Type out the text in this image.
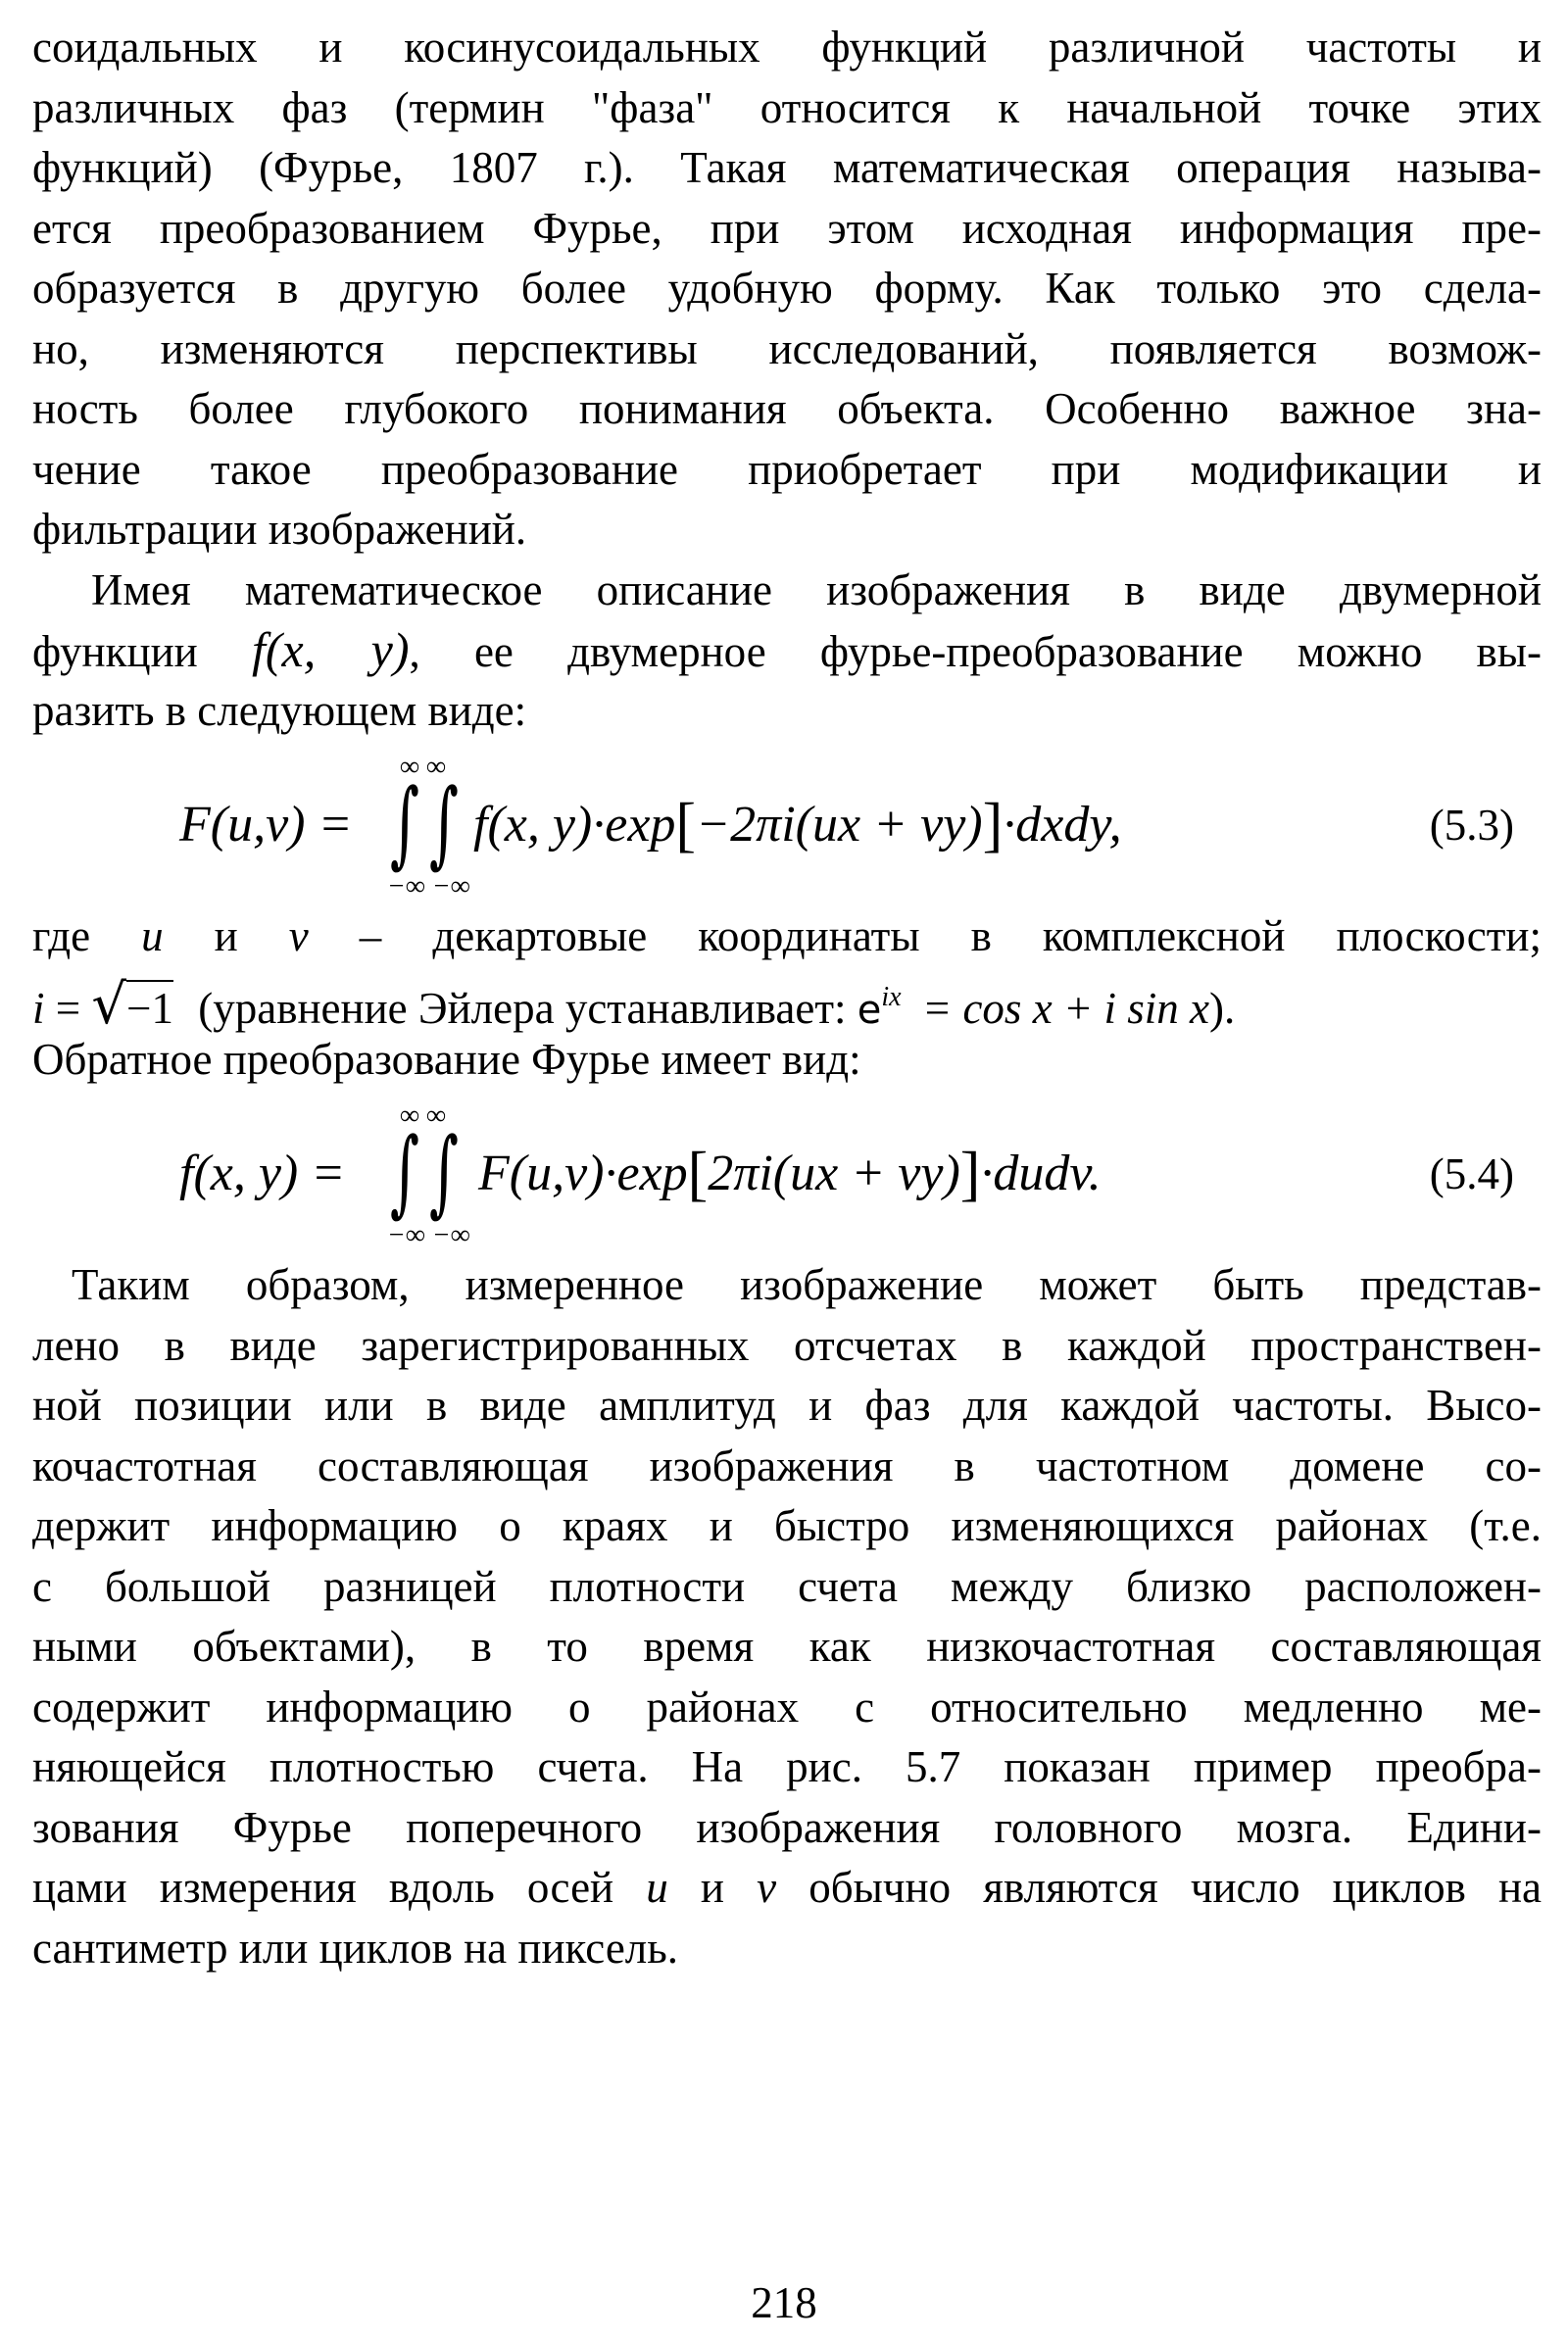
соидальных и косинусоидальных функций различной частоты и
различных фаз (термин "фаза" относится к начальной точке этих
функций) (Фурье, 1807 г.). Такая математическая операция называ-
ется преобразованием Фурье, при этом исходная информация пре-
образуется в другую более удобную форму. Как только это сдела-
но, изменяются перспективы исследований, появляется возмож-
ность более глубокого понимания объекта. Особенно важное зна-
чение такое преобразование приобретает при модификации и
фильтрации изображений.
Имея математическое описание изображения в виде двумерной
функции f(x, y), ее двумерное фурье-преобразование можно вы-
разить в следующем виде:
F(u,v) =
∞ ∞
∫ ∫
−∞ −∞
f(x, y)·exp[−2πi(ux + vy)]·dxdy,	(5.3)
где u и v – декартовые координаты в комплексной плоскости;
i = √−1 (уравнение Эйлера устанавливает: $e^{ix} = \cos x + i$ sin x).
Обратное преобразование Фурье имеет вид:
f(x, y) =
∞ ∞
∫ ∫
−∞ −∞
F(u,v)·exp[2πi(ux + vy)]·dudv.	(5.4)
Таким образом, измеренное изображение может быть представ-
лено в виде зарегистрированных отсчетах в каждой пространствен-
ной позиции или в виде амплитуд и фаз для каждой частоты. Высо-
кочастотная составляющая изображения в частотном домене со-
держит информацию о краях и быстро изменяющихся районах (т.е.
с большой разницей плотности счета между близко расположен-
ными объектами), в то время как низкочастотная составляющая
содержит информацию о районах с относительно медленно ме-
няющейся плотностью счета. На рис. 5.7 показан пример преобра-
зования Фурье поперечного изображения головного мозга. Едини-
цами измерения вдоль осей u и v обычно являются число циклов на
сантиметр или циклов на пиксель.
218
